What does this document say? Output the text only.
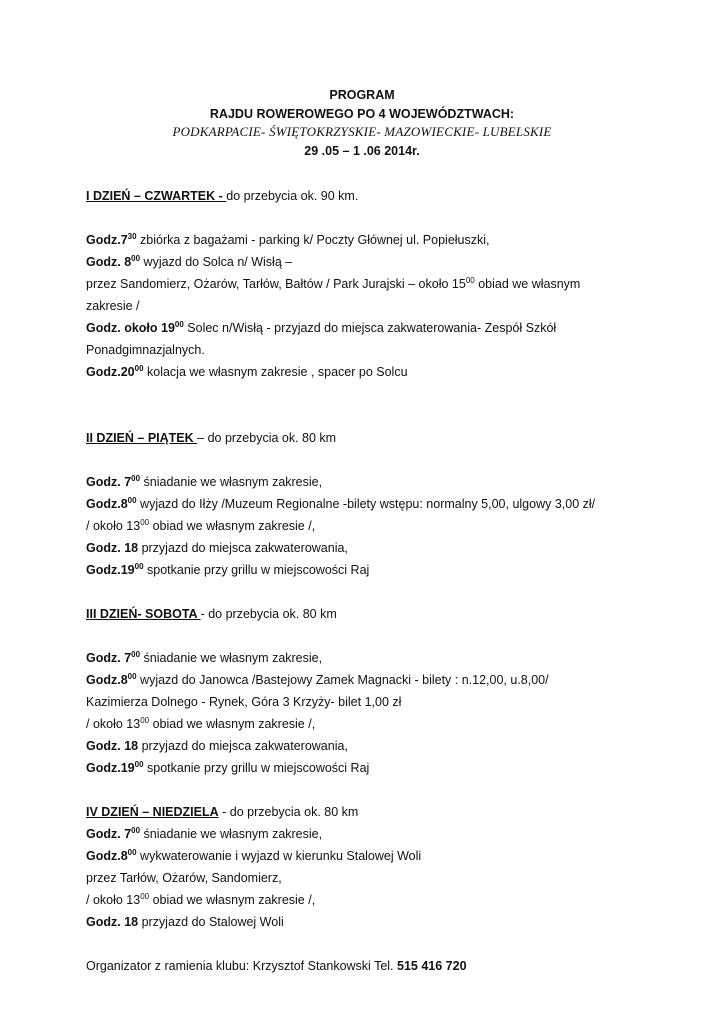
PROGRAM
RAJDU ROWEROWEGO PO 4 WOJEWÓDZTWACH:
PODKARPACIE- ŚWIĘTOKRZYSKIE- MAZOWIECKIE- LUBELSKIE
29 .05 – 1 .06 2014r.
I DZIEŃ – CZWARTEK - do przebycia ok. 90 km.
$Godz.7^{30}$ zbiórka z bagażami - parking k/ Poczty Głównej ul. Popiełuszki,
Godz. $8^{00}$ wyjazd do Solca n/ Wisłą –
przez Sandomierz, Ożarów, Tarłów, Bałtów / Park Jurajski – około $15^{00}$ obiad we własnym
zakresie /
Godz. około $19^{00}$ Solec n/Wisłą - przyjazd do miejsca zakwaterowania- Zespół Szkół
Ponadgimnazjalnych.
$Godz.20^{00}$ kolacja we własnym zakresie , spacer po Solcu
II DZIEŃ – PIĄTEK – do przebycia ok. 80 km
Godz. $7^{00}$ śniadanie we własnym zakresie,
$Godz.8^{00}$ wyjazd do Iłży /Muzeum Regionalne -bilety wstępu: normalny 5,00, ulgowy 3,00 zł/
/ około $13^{00}$ obiad we własnym zakresie /,
Godz. 18 przyjazd do miejsca zakwaterowania,
$Godz.19^{00}$ spotkanie przy grillu w miejscowości Raj
III DZIEŃ- SOBOTA - do przebycia ok. 80 km
Godz. $7^{00}$ śniadanie we własnym zakresie,
$Godz.8^{00}$ wyjazd do Janowca /Bastejowy Zamek Magnacki - bilety : n.12,00, u.8,00/
Kazimierza Dolnego - Rynek, Góra 3 Krzyży- bilet 1,00 zł
/ około $13^{00}$ obiad we własnym zakresie /,
Godz. 18 przyjazd do miejsca zakwaterowania,
$Godz.19^{00}$ spotkanie przy grillu w miejscowości Raj
IV DZIEŃ – NIEDZIELA - do przebycia ok. 80 km
Godz. $7^{00}$ śniadanie we własnym zakresie,
$Godz.8^{00}$ wykwaterowanie i wyjazd w kierunku Stalowej Woli
przez Tarłów, Ożarów, Sandomierz,
/ około $13^{00}$ obiad we własnym zakresie /,
Godz. 18 przyjazd do Stalowej Woli
Organizator z ramienia klubu: Krzysztof Stankowski Tel. 515 416 720
